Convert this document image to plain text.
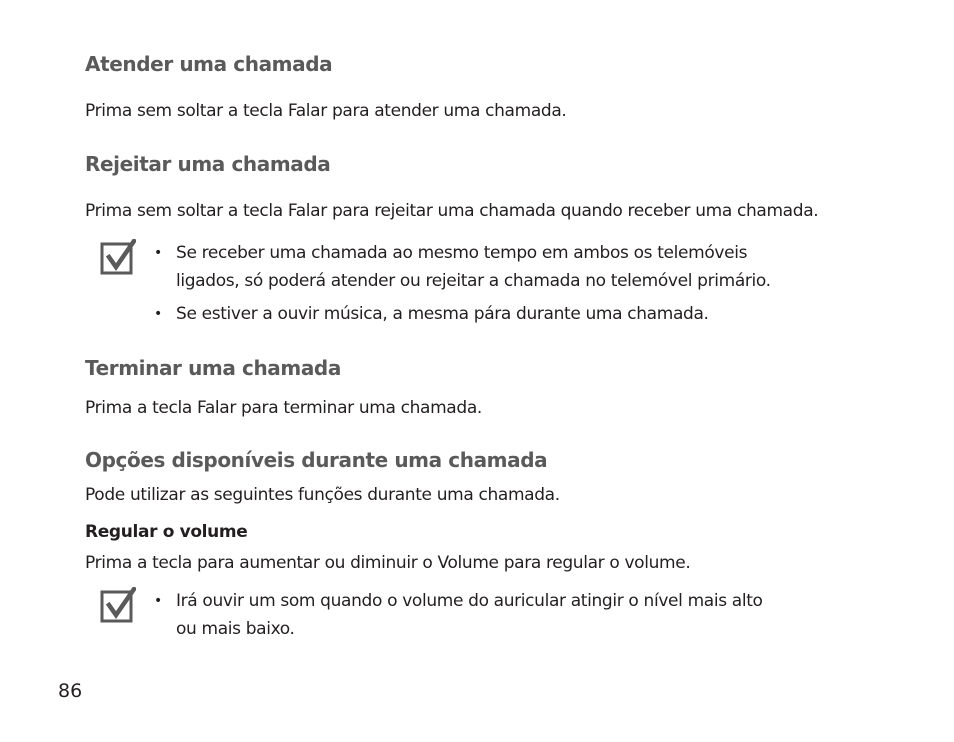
Atender uma chamada

Prima sem soltar a tecla Falar para atender uma chamada.

Rejeitar uma chamada

Prima sem soltar a tecla Falar para rejeitar uma chamada quando receber uma chamada.

• Se receber uma chamada ao mesmo tempo em ambos os telemóveis
ligados, só poderá atender ou rejeitar a chamada no telemóvel primário.
• Se estiver a ouvir música, a mesma pára durante uma chamada.
Terminar uma chamada

Prima a tecla Falar para terminar uma chamada.

Opções disponíveis durante uma chamada

Pode utilizar as seguintes funções durante uma chamada.

Regular o volume

Prima a tecla para aumentar ou diminuir o Volume para regular o volume.

• Irá ouvir um som quando o volume do auricular atingir o nível mais alto
ou mais baixo.

86
